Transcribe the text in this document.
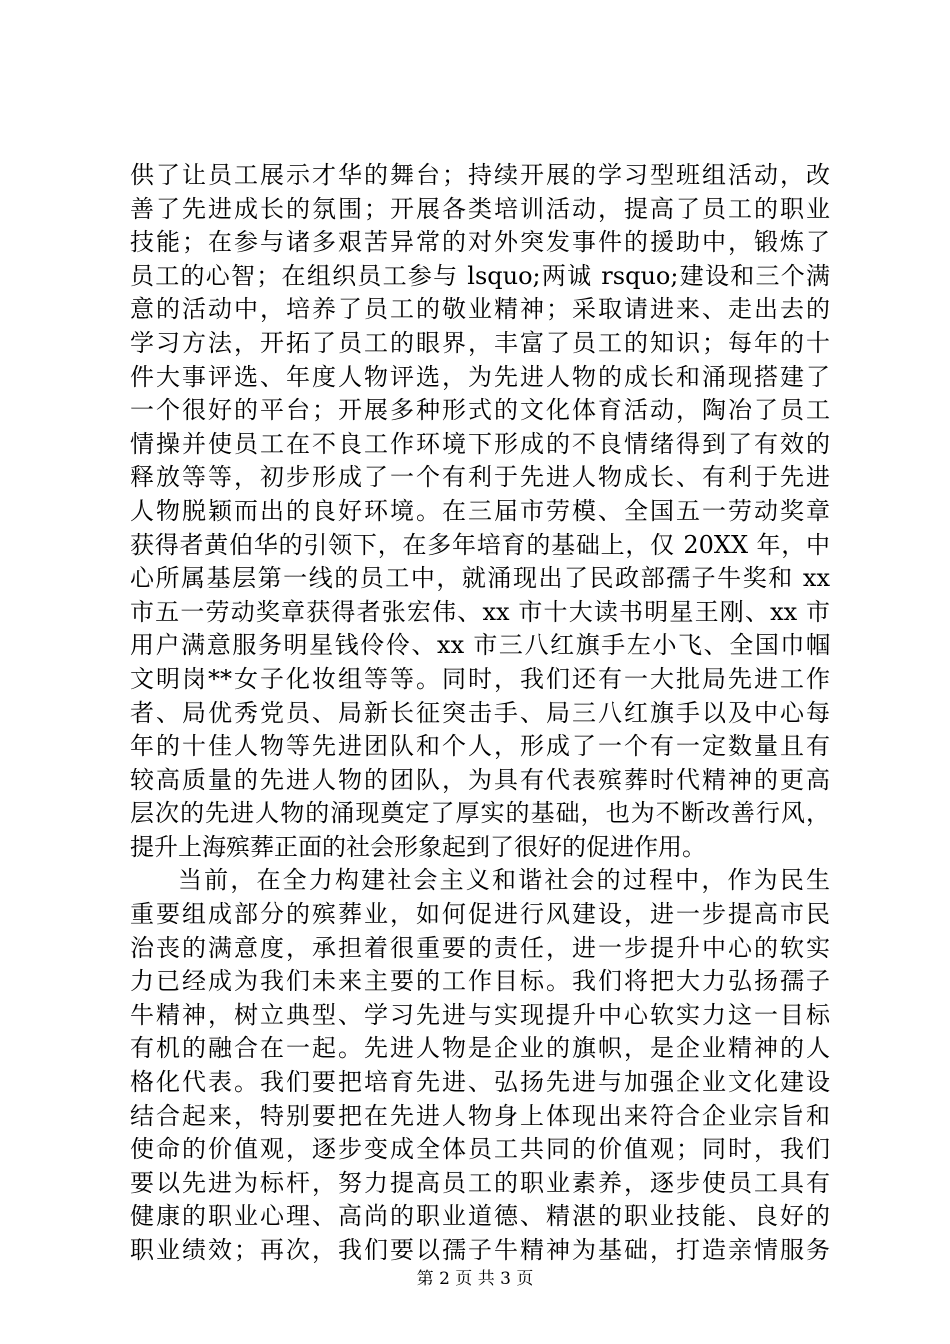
供了让员工展示才华的舞台；持续开展的学习型班组活动，改
善了先进成长的氛围；开展各类培训活动，提高了员工的职业
技能；在参与诸多艰苦异常的对外突发事件的援助中，锻炼了
员工的心智；在组织员工参与 lsquo;两诚 rsquo;建设和三个满
意的活动中，培养了员工的敬业精神；采取请进来、走出去的
学习方法，开拓了员工的眼界，丰富了员工的知识；每年的十
件大事评选、年度人物评选，为先进人物的成长和涌现搭建了
一个很好的平台；开展多种形式的文化体育活动，陶冶了员工
情操并使员工在不良工作环境下形成的不良情绪得到了有效的
释放等等，初步形成了一个有利于先进人物成长、有利于先进
人物脱颖而出的良好环境。在三届市劳模、全国五一劳动奖章
获得者黄伯华的引领下，在多年培育的基础上，仅 20XX 年，中
心所属基层第一线的员工中，就涌现出了民政部孺子牛奖和 xx
市五一劳动奖章获得者张宏伟、xx 市十大读书明星王刚、xx 市
用户满意服务明星钱伶伶、xx 市三八红旗手左小飞、全国巾帼
文明岗**女子化妆组等等。同时，我们还有一大批局先进工作
者、局优秀党员、局新长征突击手、局三八红旗手以及中心每
年的十佳人物等先进团队和个人，形成了一个有一定数量且有
较高质量的先进人物的团队，为具有代表殡葬时代精神的更高
层次的先进人物的涌现奠定了厚实的基础，也为不断改善行风，
提升上海殡葬正面的社会形象起到了很好的促进作用。
当前，在全力构建社会主义和谐社会的过程中，作为民生
重要组成部分的殡葬业，如何促进行风建设，进一步提高市民
治丧的满意度，承担着很重要的责任，进一步提升中心的软实
力已经成为我们未来主要的工作目标。我们将把大力弘扬孺子
牛精神，树立典型、学习先进与实现提升中心软实力这一目标
有机的融合在一起。先进人物是企业的旗帜，是企业精神的人
格化代表。我们要把培育先进、弘扬先进与加强企业文化建设
结合起来，特别要把在先进人物身上体现出来符合企业宗旨和
使命的价值观，逐步变成全体员工共同的价值观；同时，我们
要以先进为标杆，努力提高员工的职业素养，逐步使员工具有
健康的职业心理、高尚的职业道德、精湛的职业技能、良好的
职业绩效；再次，我们要以孺子牛精神为基础，打造亲情服务
第 2 页 共 3 页
